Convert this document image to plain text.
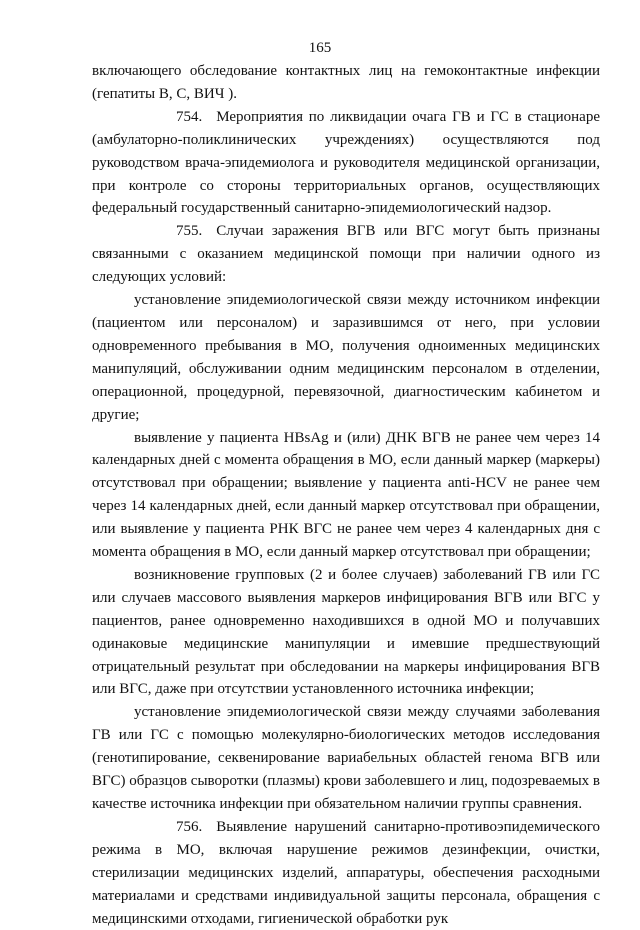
165

включающего обследование контактных лиц на гемоконтактные инфекции (гепатиты В, С, ВИЧ ).

754. Мероприятия по ликвидации очага ГВ и ГС в стационаре (амбулаторно-поликлинических учреждениях) осуществляются под руководством врача-эпидемиолога и руководителя медицинской организации, при контроле со стороны территориальных органов, осуществляющих федеральный государственный санитарно-эпидемиологический надзор.

755. Случаи заражения ВГВ или ВГС могут быть признаны связанными с оказанием медицинской помощи при наличии одного из следующих условий:

установление эпидемиологической связи между источником инфекции (пациентом или персоналом) и заразившимся от него, при условии одновременного пребывания в МО, получения одноименных медицинских манипуляций, обслуживании одним медицинским персоналом в отделении, операционной, процедурной, перевязочной, диагностическим кабинетом и другие;

выявление у пациента HBsAg и (или) ДНК ВГВ не ранее чем через 14 календарных дней с момента обращения в МО, если данный маркер (маркеры) отсутствовал при обращении; выявление у пациента anti-HCV не ранее чем через 14 календарных дней, если данный маркер отсутствовал при обращении, или выявление у пациента РНК ВГС не ранее чем через 4 календарных дня с момента обращения в МО, если данный маркер отсутствовал при обращении;

возникновение групповых (2 и более случаев) заболеваний ГВ или ГС или случаев массового выявления маркеров инфицирования ВГВ или ВГС у пациентов, ранее одновременно находившихся в одной МО и получавших одинаковые медицинские манипуляции и имевшие предшествующий отрицательный результат при обследовании на маркеры инфицирования ВГВ или ВГС, даже при отсутствии установленного источника инфекции;

установление эпидемиологической связи между случаями заболевания ГВ или ГС с помощью молекулярно-биологических методов исследования (генотипирование, секвенирование вариабельных областей геномa ВГВ или ВГС) образцов сыворотки (плазмы) крови заболевшего и лиц, подозреваемых в качестве источника инфекции при обязательном наличии группы сравнения.

756. Выявление нарушений санитарно-противоэпидемического режима в МО, включая нарушение режимов дезинфекции, очистки, стерилизации медицинских изделий, аппаратуры, обеспечения расходными материалами и средствами индивидуальной защиты персонала, обращения с медицинскими отходами, гигиенической обработки рук
